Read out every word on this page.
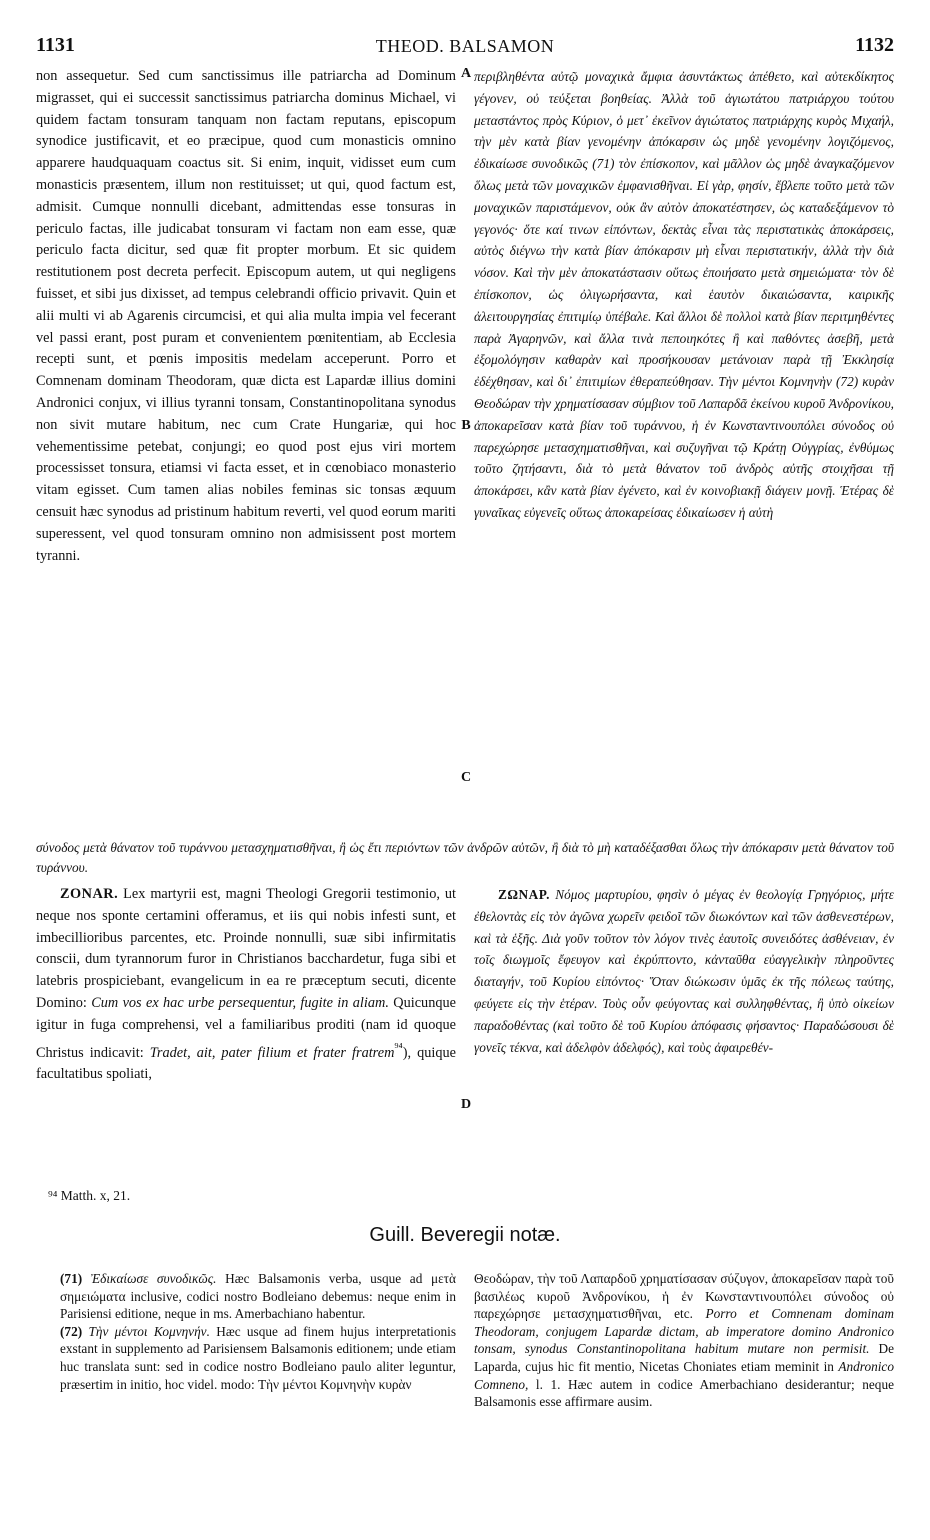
1131	THEOD. BALSAMON	1132

non assequetur. Sed cum sanctissimus ille patriarcha ad Dominum migrasset, qui ei successit sanctissimus patriarcha dominus Michael, vi quidem factam tonsuram tanquam non factam reputans, episcopum synodice justificavit, et eo præcipue, quod cum monasticis omnino apparere haudquaquam coactus sit. Si enim, inquit, vidisset eum cum monasticis præsentem, illum non restituisset; ut qui, quod factum est, admisit. Cumque nonnulli dicebant, admittendas esse tonsuras in periculo factas, ille judicabat tonsuram vi factam non eam esse, quæ periculo facta dicitur, sed quæ fit propter morbum. Et sic quidem restitutionem post decreta perfecit. Episcopum autem, ut qui negligens fuisset, et sibi jus dixisset, ad tempus celebrandi officio privavit. Quin et alii multi vi ab Agarenis circumcisi, et qui alia multa impia vel fecerant vel passi erant, post puram et convenientem pœnitentiam, ab Ecclesia recepti sunt, et pœnis impositis medelam acceperunt. Porro et Comnenam dominam Theodoram, quæ dicta est Lapardæ illius domini Andronici conjux, vi illius tyranni tonsam, Constantinopolitana synodus non sivit mutare habitum, nec cum Crate Hungariæ, qui hoc vehementissime petebat, conjungi; eo quod post ejus viri mortem processisset tonsura, etiamsi vi facta esset, et in cœnobiaco monasterio vitam egisset. Cum tamen alias nobiles feminas sic tonsas æquum censuit hæc synodus ad pristinum habitum reverti, vel quod eorum mariti superessent, vel quod tonsuram omnino non admisissent post mortem tyranni.

περιβληθέντα αὐτῷ μοναχικὰ ἄμφια ἀσυντάκτως ἀπέθετο, καὶ αὐτεκδίκητος γέγονεν, οὐ τεύξεται βοηθείας. Ἀλλὰ τοῦ ἁγιωτάτου πατριάρχου τούτου μεταστάντος πρὸς Κύριον, ὁ μετ᾽ ἐκεῖνον ἁγιώτατος πατριάρχης κυρὸς Μιχαήλ, τὴν μὲν κατὰ βίαν γενομένην ἀπόκαρσιν ὡς μηδὲ γενομένην λογιζόμενος, ἐδικαίωσε συνοδικῶς (71) τὸν ἐπίσκοπον, καὶ μᾶλλον ὡς μηδὲ ἀναγκαζόμενον ὅλως μετὰ τῶν μοναχικῶν ἐμφανισθῆναι. Εἰ γὰρ, φησίν, ἔβλεπε τοῦτο μετὰ τῶν μοναχικῶν παριστάμενον, οὐκ ἂν αὐτὸν ἀποκατέστησεν, ὡς καταδεξάμενον τὸ γεγονός· ὅτε καί τινων εἰπόντων, δεκτὰς εἶναι τὰς περιστατικὰς ἀποκάρσεις, αὐτὸς διέγνω τὴν κατὰ βίαν ἀπόκαρσιν μὴ εἶναι περιστατικήν, ἀλλὰ τὴν διὰ νόσον. Καὶ τὴν μὲν ἀποκατάστασιν οὕτως ἐποιήσατο μετὰ σημειώματα· τὸν δὲ ἐπίσκοπον, ὡς ὀλιγωρήσαντα, καὶ ἑαυτὸν δικαιώσαντα, καιρικῆς ἀλειτουργησίας ἐπιτιμίῳ ὑπέβαλε. Καὶ ἄλλοι δὲ πολλοὶ κατὰ βίαν περιτμηθέντες παρὰ Ἀγαρηνῶν, καὶ ἄλλα τινὰ πεποιηκότες ἢ καὶ παθόντες ἀσεβῆ, μετὰ ἐξομολόγησιν καθαρὰν καὶ προσήκουσαν μετάνοιαν παρὰ τῇ Ἐκκλησίᾳ ἐδέχθησαν, καὶ δι᾽ ἐπιτιμίων ἐθεραπεύθησαν. Τὴν μέντοι Κομνηνὴν (72) κυρὰν Θεοδώραν τὴν χρηματίσασαν σύμβιον τοῦ Λαπαρδᾶ ἐκείνου κυροῦ Ἀνδρονίκου, ἀποκαρεῖσαν κατὰ βίαν τοῦ τυράννου, ἡ ἐν Κωνσταντινουπόλει σύνοδος οὐ παρεχώρησε μετασχηματισθῆναι, καὶ συζυγῆναι τῷ Κράτῃ Οὐγγρίας, ἐνθύμως τοῦτο ζητήσαντι, διὰ τὸ μετὰ θάνατον τοῦ ἀνδρὸς αὐτῆς στοιχῆσαι τῇ ἀποκάρσει, κἂν κατὰ βίαν ἐγένετο, καὶ ἐν κοινοβιακῇ διάγειν μονῇ. Ἑτέρας δὲ γυναῖκας εὐγενεῖς οὕτως ἀποκαρείσας ἐδικαίωσεν ἡ αὐτὴ

A
B
C
D

σύνοδος μετὰ θάνατον τοῦ τυράννου μετασχηματισθῆναι, ἢ ὡς ἔτι περιόντων τῶν ἀνδρῶν αὐτῶν, ἢ διὰ τὸ μὴ καταδέξασθαι ὅλως τὴν ἀπόκαρσιν μετὰ θάνατον τοῦ τυράννου.

ZONAR. Lex martyrii est, magni Theologi Gregorii testimonio, ut neque nos sponte certamini offeramus, et iis qui nobis infesti sunt, et imbecillioribus parcentes, etc. Proinde nonnulli, suæ sibi infirmitatis conscii, dum tyrannorum furor in Christianos bacchardetur, fuga sibi et latebris prospiciebant, evangelicum in ea re præceptum secuti, dicente Domino: Cum vos ex hac urbe persequentur, fugite in aliam. Quicunque igitur in fuga comprehensi, vel a familiaribus proditi (nam id quoque Christus indicavit: Tradet, ait, pater filium et frater fratrem$^{^{94}}$), quique facultatibus spoliati,

ΖΩΝΑΡ. Νόμος μαρτυρίου, φησὶν ὁ μέγας ἐν θεολογίᾳ Γρηγόριος, μήτε ἐθελοντὰς εἰς τὸν ἀγῶνα χωρεῖν φειδοῖ τῶν διωκόντων καὶ τῶν ἀσθενεστέρων, καὶ τὰ ἑξῆς. Διὰ γοῦν τοῦτον τὸν λόγον τινὲς ἑαυτοῖς συνειδότες ἀσθένειαν, ἐν τοῖς διωγμοῖς ἔφευγον καὶ ἐκρύπτοντο, κἀνταῦθα εὐαγγελικὴν πληροῦντες διαταγήν, τοῦ Κυρίου εἰπόντος· Ὅταν διώκωσιν ὑμᾶς ἐκ τῆς πόλεως ταύτης, φεύγετε εἰς τὴν ἑτέραν. Τοὺς οὖν φεύγοντας καὶ συλληφθέντας, ἢ ὑπὸ οἰκείων παραδοθέντας (καὶ τοῦτο δὲ τοῦ Κυρίου ἀπόφασις φήσαντος· Παραδώσουσι δὲ γονεῖς τέκνα, καὶ ἀδελφὸν ἀδελφός), καὶ τοὺς ἀφαιρεθέν-

⁹⁴ Matth. x, 21.
Guill. Beveregii notæ.

(71) Ἐδικαίωσε συνοδικῶς. Hæc Balsamonis verba, usque ad μετὰ σημειώματα inclusive, codici nostro Bodleiano debemus: neque enim in Parisiensi editione, neque in ms. Amerbachiano habentur.

(72) Τὴν μέντοι Κομνηνήν. Hæc usque ad finem hujus interpretationis exstant in supplemento ad Parisiensem Balsamonis editionem; unde etiam huc translata sunt: sed in codice nostro Bodleiano paulo aliter leguntur, præsertim in initio, hoc videl. modo: Τὴν μέντοι Κομνηνὴν κυρὰν

Θεοδώραν, τὴν τοῦ Λαπαρδοῦ χρηματίσασαν σύζυγον, ἀποκαρεῖσαν παρὰ τοῦ βασιλέως κυροῦ Ἀνδρονίκου, ἡ ἐν Κωνσταντινουπόλει σύνοδος οὐ παρεχώρησε μετασχηματισθῆναι, etc. Porro et Comnenam dominam Theodoram, conjugem Lapardæ dictam, ab imperatore domino Andronico tonsam, synodus Constantinopolitana habitum mutare non permisit. De Laparda, cujus hic fit mentio, Nicetas Choniates etiam meminit in Andronico Comneno, l. 1. Hæc autem in codice Amerbachiano desiderantur; neque Balsamonis esse affirmare ausim.
